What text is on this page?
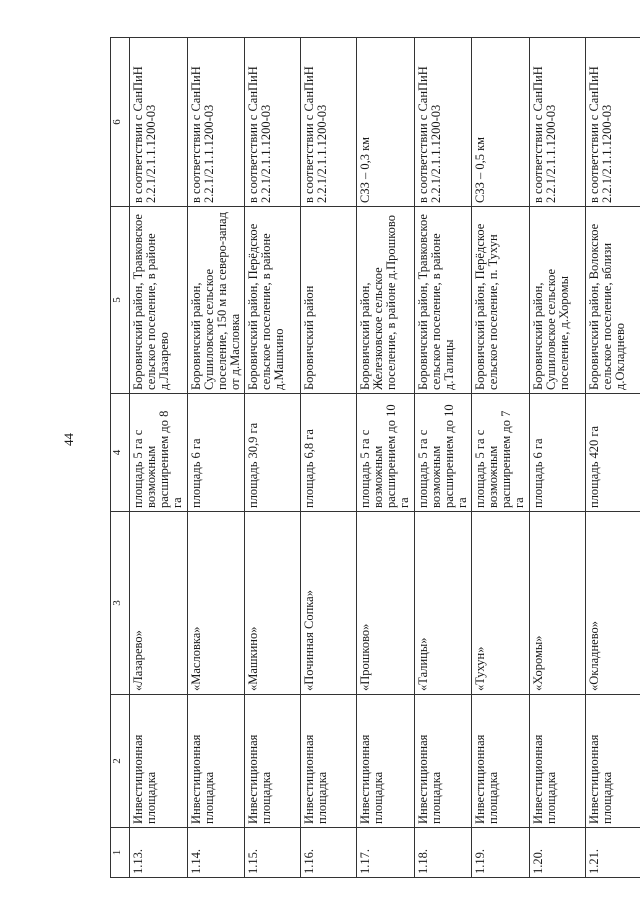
44
1	2	3	4	5	6
1.13.	Инвестиционная площадка	«Лазарево»	площадь 5 га с возможным расширением до 8 га	Боровичский район, Травковское сельское поселение, в районе д.Лазарево	в соответствии с СанПиН 2.2.1/2.1.1.1200-03
1.14.	Инвестиционная площадка	«Масловка»	площадь 6 га	Боровичский район, Сушиловское сельское поселение, 150 м на северо-запад от д.Масловка	в соответствии с СанПиН 2.2.1/2.1.1.1200-03
1.15.	Инвестиционная площадка	«Машкино»	площадь 30,9 га	Боровичский район, Перёдское сельское поселение, в районе д.Машкино	в соответствии с СанПиН 2.2.1/2.1.1.1200-03
1.16.	Инвестиционная площадка	«Починная Сопка»	площадь 6,8 га	Боровичский район	в соответствии с СанПиН 2.2.1/2.1.1.1200-03
1.17.	Инвестиционная площадка	«Прошково»	площадь 5 га с возможным расширением до 10 га	Боровичский район, Железковское сельское поселение, в районе д.Прошково	СЗЗ – 0,3 км
1.18.	Инвестиционная площадка	«Талицы»	площадь 5 га с возможным расширением до 10 га	Боровичский район, Травковское сельское поселение, в районе д.Талицы	в соответствии с СанПиН 2.2.1/2.1.1.1200-03
1.19.	Инвестиционная площадка	«Тухун»	площадь 5 га с возможным расширением до 7 га	Боровичский район, Перёдское сельское поселение, п. Тухун	СЗЗ – 0,5 км
1.20.	Инвестиционная площадка	«Хоромы»	площадь 6 га	Боровичский район, Сушиловское сельское поселение, д.Хоромы	в соответствии с СанПиН 2.2.1/2.1.1.1200-03
1.21.	Инвестиционная площадка	«Окладнево»	площадь 420 га	Боровичский район, Волокское сельское поселение, вблизи д.Окладнево	в соответствии с СанПиН 2.2.1/2.1.1.1200-03
